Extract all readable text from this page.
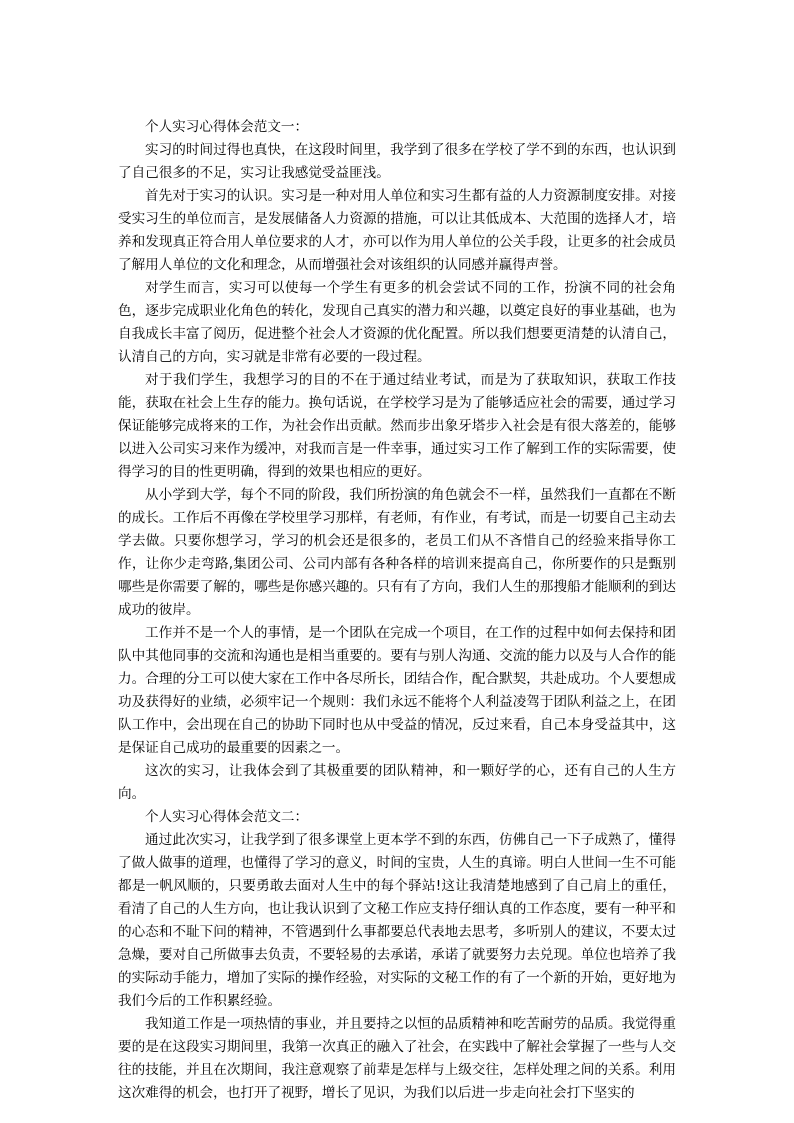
个人实习心得体会范文一：

实习的时间过得也真快，在这段时间里，我学到了很多在学校了学不到的东西，也认识到了自己很多的不足，实习让我感觉受益匪浅。

首先对于实习的认识。实习是一种对用人单位和实习生都有益的人力资源制度安排。对接受实习生的单位而言，是发展储备人力资源的措施，可以让其低成本、大范围的选择人才，培养和发现真正符合用人单位要求的人才，亦可以作为用人单位的公关手段，让更多的社会成员了解用人单位的文化和理念，从而增强社会对该组织的认同感并赢得声誉。

对学生而言，实习可以使每一个学生有更多的机会尝试不同的工作，扮演不同的社会角色，逐步完成职业化角色的转化，发现自己真实的潜力和兴趣，以奠定良好的事业基础，也为自我成长丰富了阅历，促进整个社会人才资源的优化配置。所以我们想要更清楚的认清自己，认清自己的方向，实习就是非常有必要的一段过程。

对于我们学生，我想学习的目的不在于通过结业考试，而是为了获取知识，获取工作技能，获取在社会上生存的能力。换句话说，在学校学习是为了能够适应社会的需要，通过学习保证能够完成将来的工作，为社会作出贡献。然而步出象牙塔步入社会是有很大落差的，能够以进入公司实习来作为缓冲，对我而言是一件幸事，通过实习工作了解到工作的实际需要，使得学习的目的性更明确，得到的效果也相应的更好。

从小学到大学，每个不同的阶段，我们所扮演的角色就会不一样，虽然我们一直都在不断的成长。工作后不再像在学校里学习那样，有老师，有作业，有考试，而是一切要自己主动去学去做。只要你想学习，学习的机会还是很多的，老员工们从不吝惜自己的经验来指导你工作，让你少走弯路,集团公司、公司内部有各种各样的培训来提高自己，你所要作的只是甄别哪些是你需要了解的，哪些是你感兴趣的。只有有了方向，我们人生的那搜船才能顺利的到达成功的彼岸。

工作并不是一个人的事情，是一个团队在完成一个项目，在工作的过程中如何去保持和团队中其他同事的交流和沟通也是相当重要的。要有与别人沟通、交流的能力以及与人合作的能力。合理的分工可以使大家在工作中各尽所长，团结合作，配合默契，共赴成功。个人要想成功及获得好的业绩，必须牢记一个规则：我们永远不能将个人利益凌驾于团队利益之上，在团队工作中，会出现在自己的协助下同时也从中受益的情况，反过来看，自己本身受益其中，这是保证自己成功的最重要的因素之一。

这次的实习，让我体会到了其极重要的团队精神，和一颗好学的心，还有自己的人生方向。

个人实习心得体会范文二：

通过此次实习，让我学到了很多课堂上更本学不到的东西，仿佛自己一下子成熟了，懂得了做人做事的道理，也懂得了学习的意义，时间的宝贵，人生的真谛。明白人世间一生不可能都是一帆风顺的，只要勇敢去面对人生中的每个驿站!这让我清楚地感到了自己肩上的重任，看清了自己的人生方向，也让我认识到了文秘工作应支持仔细认真的工作态度，要有一种平和的心态和不耻下问的精神，不管遇到什么事都要总代表地去思考，多听别人的建议，不要太过急燥，要对自己所做事去负责，不要轻易的去承诺，承诺了就要努力去兑现。单位也培养了我的实际动手能力，增加了实际的操作经验，对实际的文秘工作的有了一个新的开始，更好地为我们今后的工作积累经验。

我知道工作是一项热情的事业，并且要持之以恒的品质精神和吃苦耐劳的品质。我觉得重要的是在这段实习期间里，我第一次真正的融入了社会，在实践中了解社会掌握了一些与人交往的技能，并且在次期间，我注意观察了前辈是怎样与上级交往，怎样处理之间的关系。利用这次难得的机会，也打开了视野，增长了见识，为我们以后进一步走向社会打下坚实的
